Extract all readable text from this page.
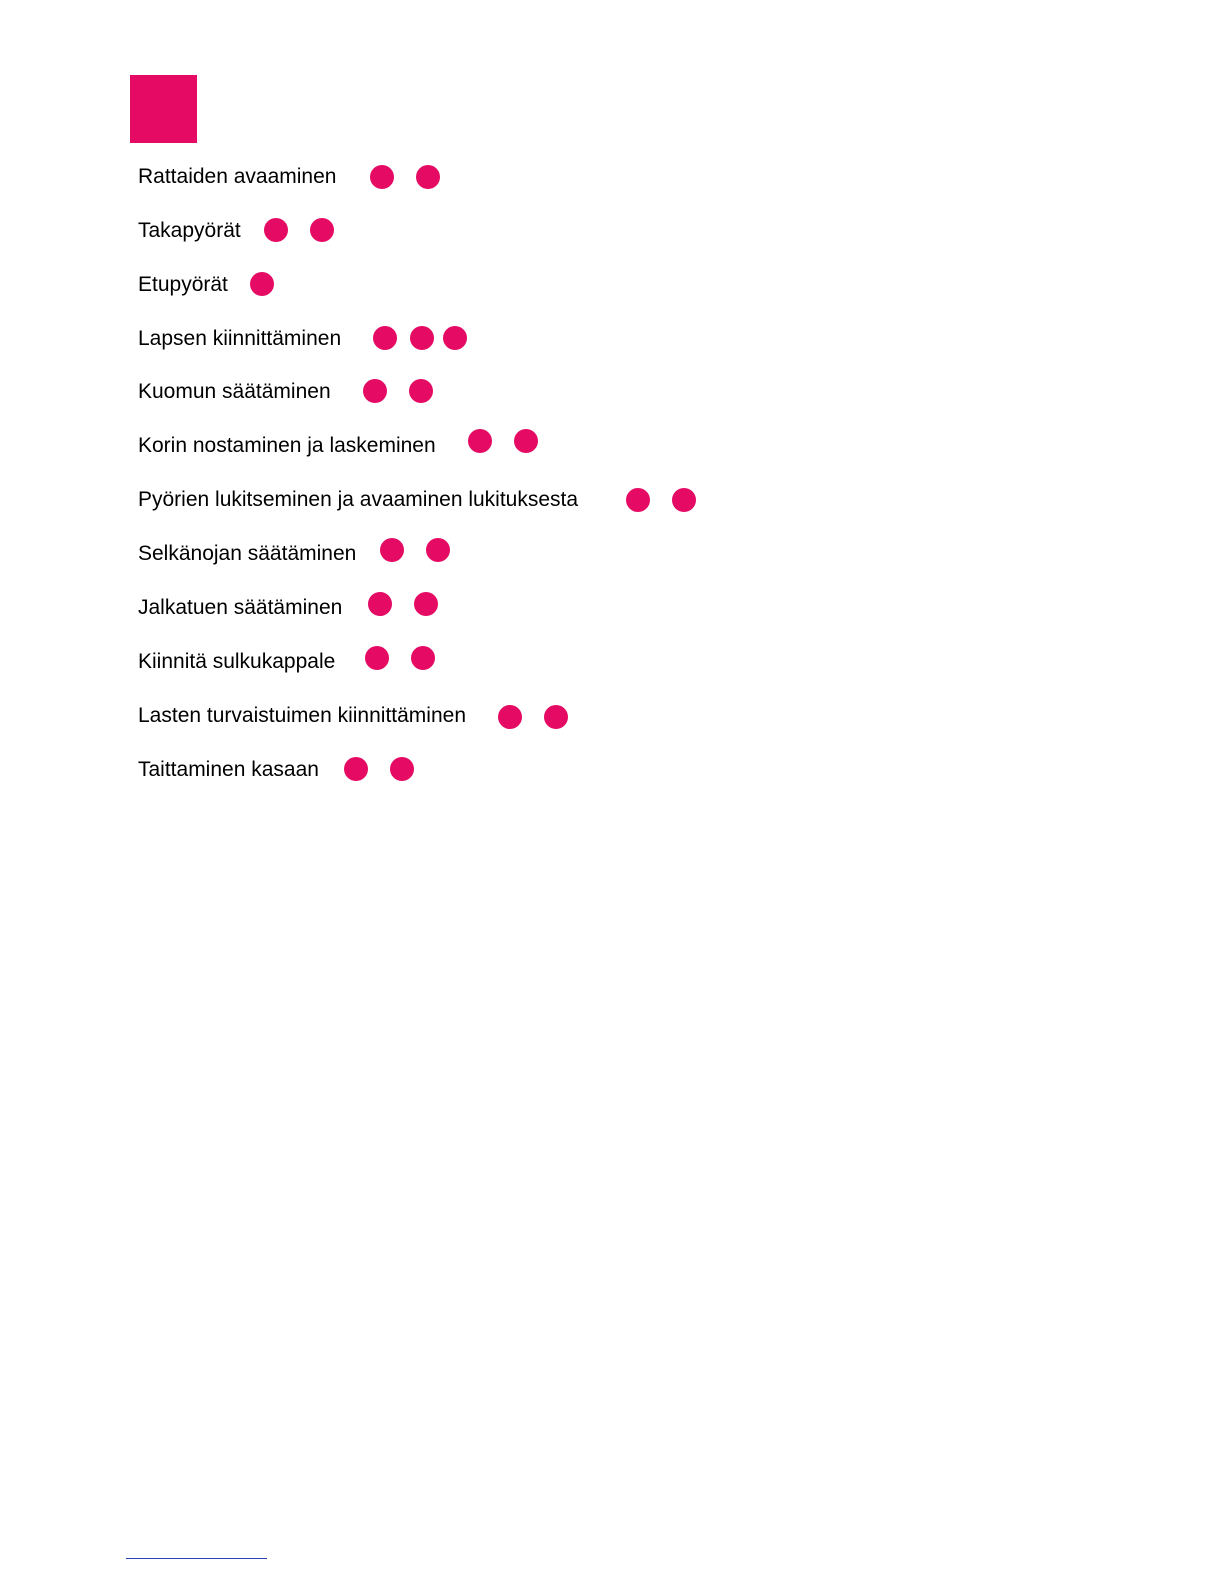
Rattaiden avaaminen
Takapyörät
Etupyörät
Lapsen kiinnittäminen
Kuomun säätäminen
Korin nostaminen ja laskeminen
Pyörien lukitseminen ja avaaminen lukituksesta
Selkänojan säätäminen
Jalkatuen säätäminen
Kiinnitä sulkukappale
Lasten turvaistuimen kiinnittäminen
Taittaminen kasaan
